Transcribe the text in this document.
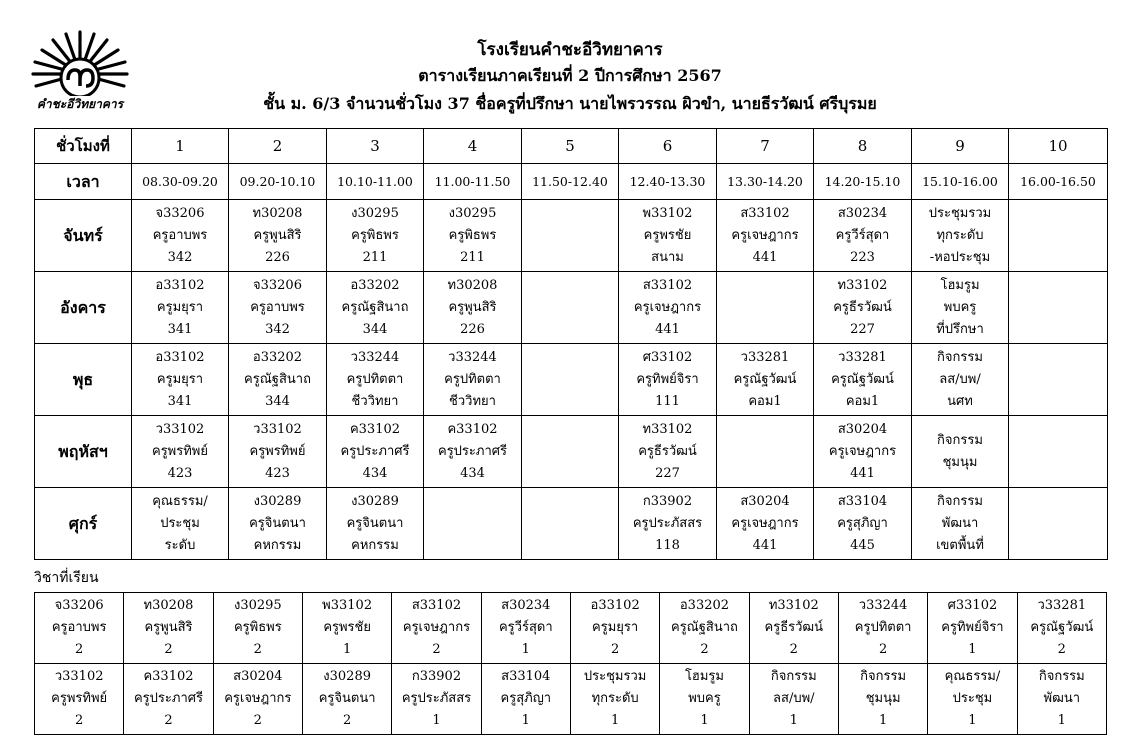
คำชะอีวิทยาคาร
โรงเรียนคำชะอีวิทยาคาร
ตารางเรียนภาคเรียนที่ 2 ปีการศึกษา 2567
ชั้น ม. 6/3 จำนวนชั่วโมง 37 ชื่อครูที่ปรึกษา นายไพรวรรณ ผิวขำ, นายธีรวัฒน์ ศรีบุรมย
ชั่วโมงที่	1	2	3	4	5	6	7	8	9	10
เวลา	08.30-09.20	09.20-10.10	10.10-11.00	11.00-11.50	11.50-12.40	12.40-13.30	13.30-14.20	14.20-15.10	15.10-16.00	16.00-16.50
จันทร์	จ33206
ครูอาบพร
342	ท30208
ครูพูนสิริ
226	ง30295
ครูพิธพร
211	ง30295
ครูพิธพร
211		พ33102
ครูพรชัย
สนาม	ส33102
ครูเจษฎากร
441	ส30234
ครูวีร์สุดา
223	ประชุมรวม
ทุกระดับ
-หอประชุม	

อังคาร	อ33102
ครูมยุรา
341	จ33206
ครูอาบพร
342	อ33202
ครูณัฐสินาถ
344	ท30208
ครูพูนสิริ
226		ส33102
ครูเจษฎากร
441		ท33102
ครูธีรวัฒน์
227	โฮมรูม
พบครู
ที่ปรึกษา	

พุธ	อ33102
ครูมยุรา
341	อ33202
ครูณัฐสินาถ
344	ว33244
ครูปทิตตา
ชีววิทยา	ว33244
ครูปทิตตา
ชีววิทยา		ศ33102
ครูทิพย์จิรา
111	ว33281
ครูณัฐวัฒน์
คอม1	ว33281
ครูณัฐวัฒน์
คอม1	กิจกรรม
ลส/บพ/
นศท	

พฤหัสฯ	ว33102
ครูพรทิพย์
423	ว33102
ครูพรทิพย์
423	ค33102
ครูประภาศรี
434	ค33102
ครูประภาศรี
434		ท33102
ครูธีรวัฒน์
227		ส30204
ครูเจษฎากร
441	กิจกรรม
ชุมนุม	

ศุกร์	คุณธรรม/
ประชุม
ระดับ	ง30289
ครูจินตนา
คหกรรม	ง30289
ครูจินตนา
คหกรรม			ก33902
ครูประภัสสร
118	ส30204
ครูเจษฎากร
441	ส33104
ครูสุภิญา
445	กิจกรรม
พัฒนา
เขตพื้นที่	

วิชาที่เรียน
จ33206
ครูอาบพร
2	ท30208
ครูพูนสิริ
2	ง30295
ครูพิธพร
2	พ33102
ครูพรชัย
1	ส33102
ครูเจษฎากร
2	ส30234
ครูวีร์สุดา
1	อ33102
ครูมยุรา
2	อ33202
ครูณัฐสินาถ
2	ท33102
ครูธีรวัฒน์
2	ว33244
ครูปทิตตา
2	ศ33102
ครูทิพย์จิรา
1	ว33281
ครูณัฐวัฒน์
2

ว33102
ครูพรทิพย์
2	ค33102
ครูประภาศรี
2	ส30204
ครูเจษฎากร
2	ง30289
ครูจินตนา
2	ก33902
ครูประภัสสร
1	ส33104
ครูสุภิญา
1	ประชุมรวม
ทุกระดับ
1	โฮมรูม
พบครู
1	กิจกรรม
ลส/บพ/
1	กิจกรรม
ชุมนุม
1	คุณธรรม/
ประชุม
1	กิจกรรม
พัฒนา
1
